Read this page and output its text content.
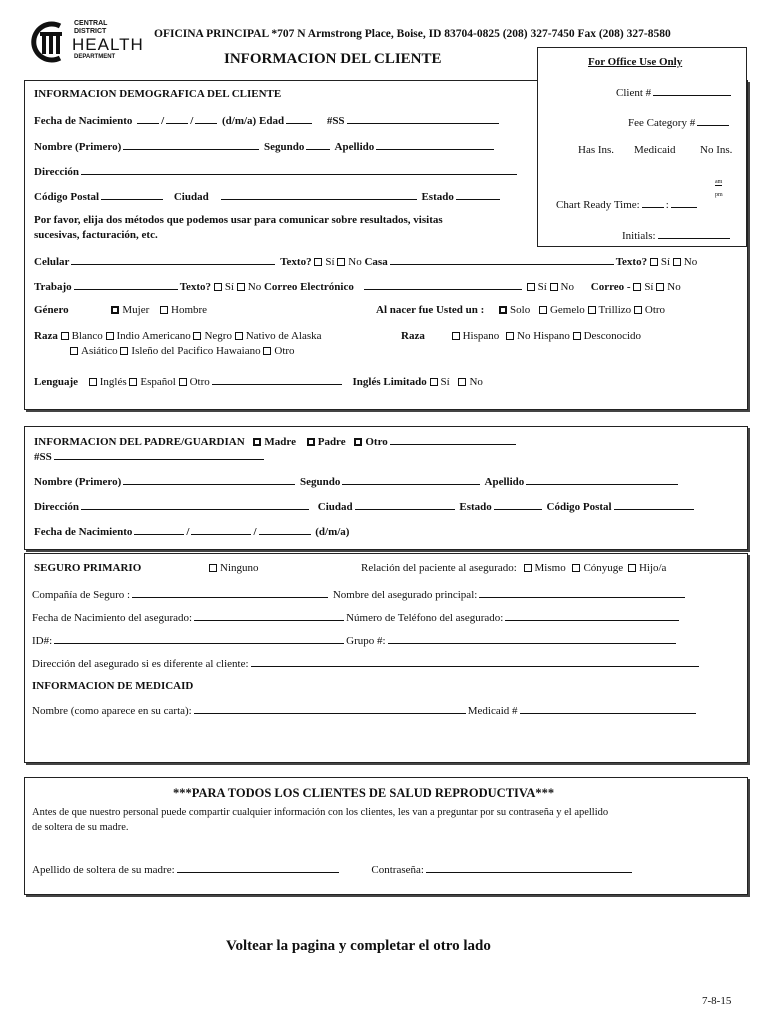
CENTRAL
DISTRICT
HEALTH
DEPARTMENT
OFICINA PRINCIPAL *707 N Armstrong Place, Boise, ID 83704-0825 (208) 327-7450 Fax (208) 327-8580
INFORMACION DEL CLIENTE	For Office Use Only
Client #
Fee Category #
Has Ins. Medicaid No Ins.
Chart Ready Time: :
am
pm
Initials:
INFORMACION DEMOGRAFICA DEL CLIENTE
Fecha de Nacimiento	/ /	(d/m/a) Edad	#SS
Nombre (Primero)	Segundo	Apellido
Dirección
Código Postal	Ciudad	Estado
Por favor, elija dos métodos que podemos usar para comunicar sobre resultados, visitas
sucesivas, facturación, etc.
Celular	Texto? Sí No Casa	Texto? Sí No
Trabajo	Texto? Sí No Correo Electrónico	Sí No Correo - Sí No
Género	Mujer Hombre	Al nacer fue Usted un : Solo Gemelo Trillizo Otro
Raza Blanco Indio Americano Negro Nativo de Alaska	Raza	Hispano No Hispano Desconocido
Asiático Isleño del Pacifico Hawaiano Otro
Lenguaje Inglés Español Otro	Inglés Limitado Sí No
INFORMACION DEL PADRE/GUARDIAN Madre Padre Otro
#SS
Nombre (Primero)	Segundo	Apellido
Dirección	Ciudad	Estado	Código Postal
Fecha de Nacimiento	/	/	(d/m/a)
SEGURO PRIMARIO	Ninguno	Relación del paciente al asegurado: Mismo Cónyuge Hijo/a
Compañía de Seguro :	Nombre del asegurado principal:
Fecha de Nacimiento del asegurado:	Número de Teléfono del asegurado:
ID#:	Grupo #:
Dirección del asegurado si es diferente al cliente:
INFORMACION DE MEDICAID
Nombre (como aparece en su carta):	Medicaid #
***PARA TODOS LOS CLIENTES DE SALUD REPRODUCTIVA***
Antes de que nuestro personal puede compartir cualquier información con los clientes, les van a preguntar por su contraseña y el apellido
de soltera de su madre.
Apellido de soltera de su madre:	Contraseña:
Voltear la pagina y completar el otro lado
7-8-15
